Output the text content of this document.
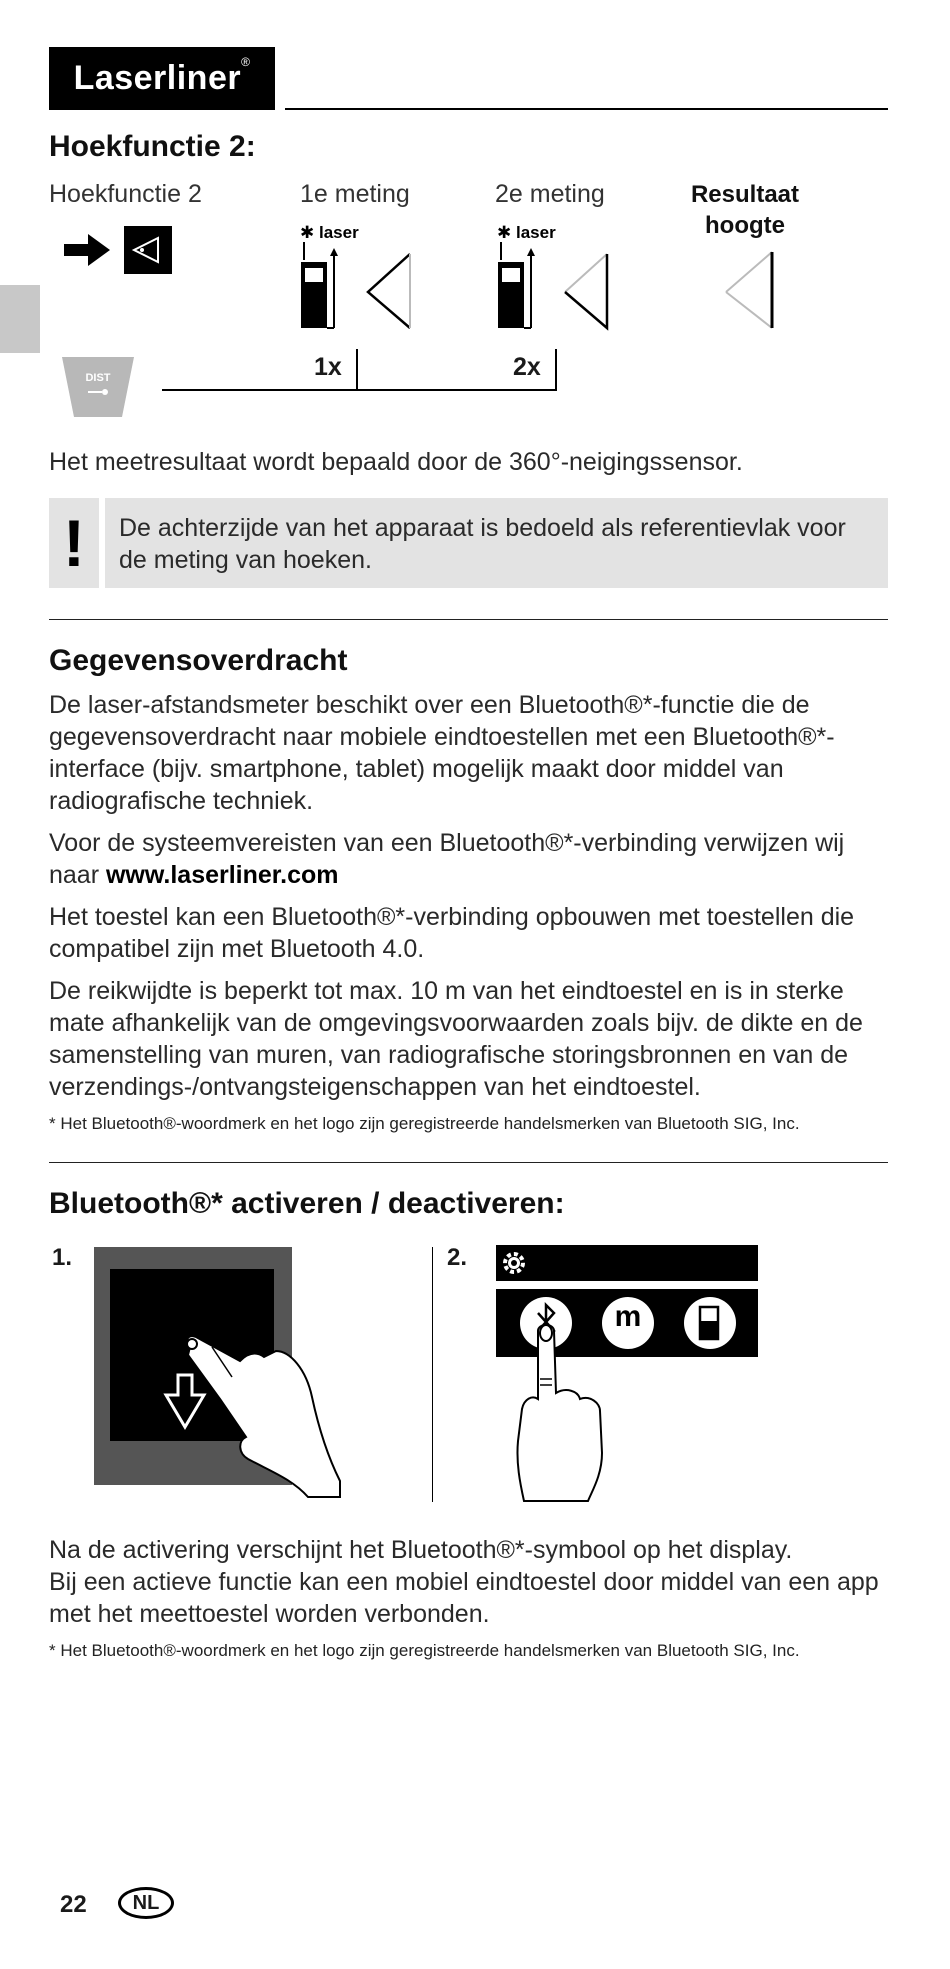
Laserliner®
Hoekfunctie 2:
Hoekfunctie 2	1e meting	2e meting	Resultaat
hoogte
✱ laser	✱ laser
DIST	1x	2x
Het meetresultaat wordt bepaald door de 360°-neigingssensor.
!	De achterzijde van het apparaat is bedoeld als referentievlak voor de meting van hoeken.
Gegevensoverdracht

De laser-afstandsmeter beschikt over een Bluetooth®*-functie die de gegevensoverdracht naar mobiele eindtoestellen met een Bluetooth®*-interface (bijv. smartphone, tablet) mogelijk maakt door middel van radiografische techniek.

Voor de systeemvereisten van een Bluetooth®*-verbinding verwijzen wij naar www.laserliner.com

Het toestel kan een Bluetooth®*-verbinding opbouwen met toestellen die compatibel zijn met Bluetooth 4.0.

De reikwijdte is beperkt tot max. 10 m van het eindtoestel en is in sterke mate afhankelijk van de omgevingsvoorwaarden zoals bijv. de dikte en de samenstelling van muren, van radiografische storingsbronnen en van de verzendings-/ontvangsteigenschappen van het eindtoestel.

* Het Bluetooth®-woordmerk en het logo zijn geregistreerde handelsmerken van Bluetooth SIG, Inc.
Bluetooth®* activeren / deactiveren:
1.	2.
m
Na de activering verschijnt het Bluetooth®*-symbool op het display.
Bij een actieve functie kan een mobiel eindtoestel door middel van een app met het meettoestel worden verbonden.
* Het Bluetooth®-woordmerk en het logo zijn geregistreerde handelsmerken van Bluetooth SIG, Inc.
22	NL
